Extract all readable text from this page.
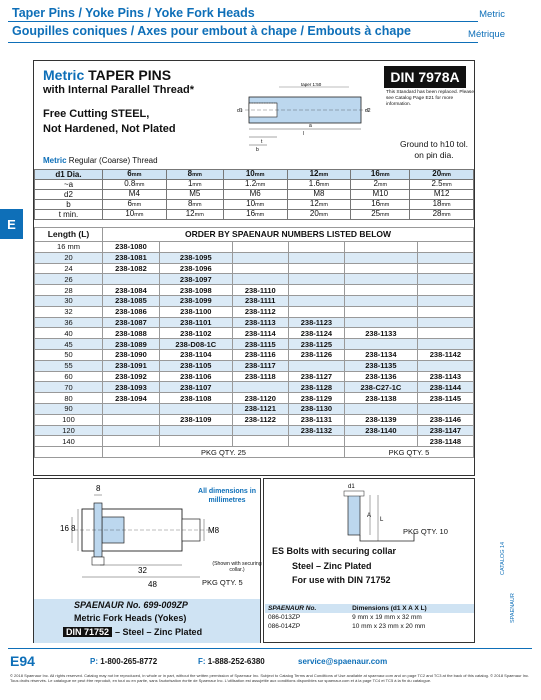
Taper Pins / Yoke Pins / Yoke Fork Heads
Goupilles coniques / Axes pour embout à chape / Embouts à chape
Metric
Métrique
E
Metric TAPER PINS
with Internal Parallel Thread*
Free Cutting STEEL,
Not Hardened, Not Plated
DIN 7978A
This Standard has been replaced. Please see Catalog Page E21 for more information.
Ground to h10 tol.
on pin dia.
taper 1:50
d1	d2
a
l
t
b
Metric Regular (Coarse) Thread
d1 Dia.	6mm	8mm	10mm	12mm	16mm	20mm
~a	0.8mm	1mm	1.2mm	1.6mm	2mm	2.5mm
d2	M4	M5	M6	M8	M10	M12
b	6mm	8mm	10mm	12mm	16mm	18mm
t min.	10mm	12mm	16mm	20mm	25mm	28mm
Length (L)	ORDER BY SPAENAUR NUMBERS LISTED BELOW					
16 mm	238-1080					
20	238-1081	238-1095				
24	238-1082	238-1096				
26		238-1097				
28	238-1084	238-1098	238-1110			
30	238-1085	238-1099	238-1111			
32	238-1086	238-1100	238-1112			
36	238-1087	238-1101	238-1113	238-1123		
40	238-1088	238-1102	238-1114	238-1124	238-1133	
45	238-1089	238-D08-1C	238-1115	238-1125		
50	238-1090	238-1104	238-1116	238-1126	238-1134	238-1142
55	238-1091	238-1105	238-1117		238-1135	
60	238-1092	238-1106	238-1118	238-1127	238-1136	238-1143
70	238-1093	238-1107		238-1128	238-C27-1C	238-1144
80	238-1094	238-1108	238-1120	238-1129	238-1138	238-1145
90			238-1121	238-1130		
100		238-1109	238-1122	238-1131	238-1139	238-1146
120				238-1132	238-1140	238-1147
140						238-1148
	PKG QTY. 25				PKG QTY. 5	
All dimensions in millimetres
8
16 8	M8
32
48
(Shown with securing collar.)
PKG QTY. 5
SPAENAUR No. 699-009ZP
Metric Fork Heads (Yokes)
DIN 71752 – Steel – Zinc Plated
d1
A
L
PKG QTY. 10
ES Bolts with securing collar
Steel – Zinc Plated
For use with DIN 71752
SPAENAUR No.	Dimensions (d1 X A X L)
086-013ZP	9 mm x 19 mm x 32 mm
086-014ZP	10 mm x 23 mm x 20 mm
CATALOG 14
SPAENAUR
E94	P: 1-800-265-8772	F: 1-888-252-6380	service@spaenaur.com
© 2018 Spaenaur Inc. All rights reserved. Catalog may not be reproduced, in whole or in part, without the written permission of Spaenaur Inc. Subject to Catalog Terms and Conditions of Use available at spaenaur.com and on page TC2 and TC3 at the back of this catalog. © 2018 Spaenaur Inc. Tous droits réservés. Le catalogue ne peut être reproduit, en tout ou en partie, sans l'autorisation écrite de Spaenaur Inc. L'utilisation est assujettie aux conditions disponibles sur spaenaur.com et à la page TC4 et TC5 à la fin du catalogue.
